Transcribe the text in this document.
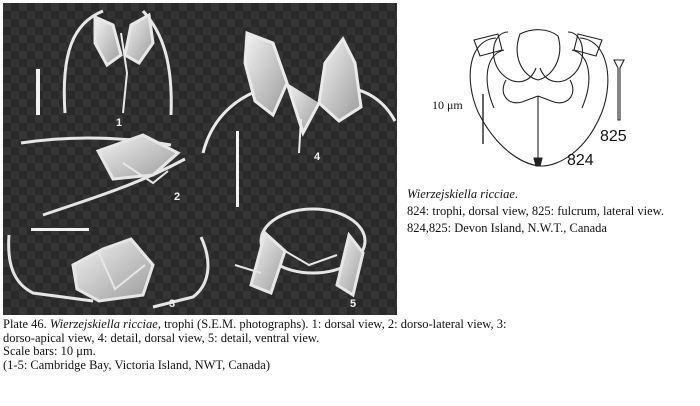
1
2
3
4
5
10 μm
825
824
Wierzejskiella ricciae.
824: trophi, dorsal view, 825: fulcrum, lateral view.
824,825: Devon Island, N.W.T., Canada
Plate 46. Wierzejskiella ricciae, trophi (S.E.M. photographs). 1: dorsal view, 2: dorso-lateral view, 3:
dorso-apical view, 4: detail, dorsal view, 5: detail, ventral view.
Scale bars: 10 μm.
(1-5: Cambridge Bay, Victoria Island, NWT, Canada)
